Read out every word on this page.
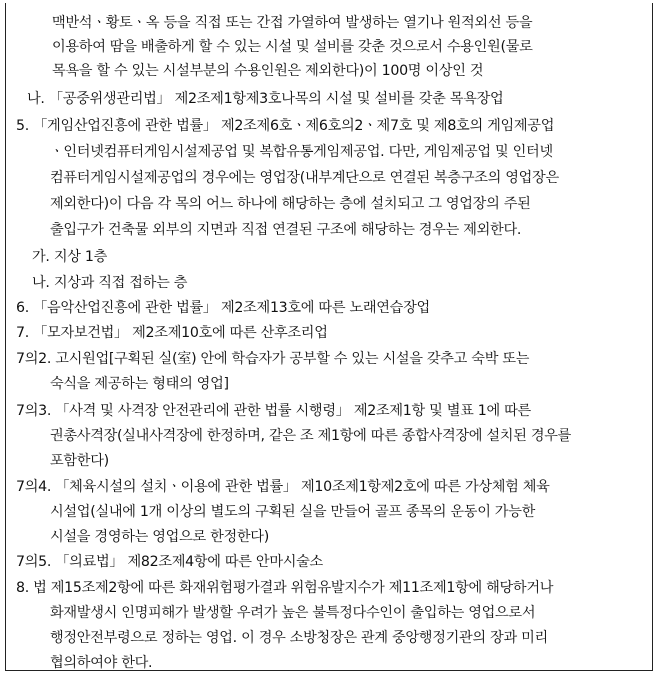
맥반석ㆍ황토ㆍ옥 등을 직접 또는 간접 가열하여 발생하는 열기나 원적외선 등을
이용하여 땀을 배출하게 할 수 있는 시설 및 설비를 갖춘 것으로서 수용인원(물로
목욕을 할 수 있는 시설부분의 수용인원은 제외한다)이 100명 이상인 것
나. 「공중위생관리법」 제2조제1항제3호나목의 시설 및 설비를 갖춘 목욕장업
5. 「게임산업진흥에 관한 법률」 제2조제6호ㆍ제6호의2ㆍ제7호 및 제8호의 게임제공업
ㆍ인터넷컴퓨터게임시설제공업 및 복합유통게임제공업. 다만, 게임제공업 및 인터넷
컴퓨터게임시설제공업의 경우에는 영업장(내부계단으로 연결된 복층구조의 영업장은
제외한다)이 다음 각 목의 어느 하나에 해당하는 층에 설치되고 그 영업장의 주된
출입구가 건축물 외부의 지면과 직접 연결된 구조에 해당하는 경우는 제외한다.
가. 지상 1층
나. 지상과 직접 접하는 층
6. 「음악산업진흥에 관한 법률」 제2조제13호에 따른 노래연습장업
7. 「모자보건법」 제2조제10호에 따른 산후조리업
7의2. 고시원업[구획된 실(室) 안에 학습자가 공부할 수 있는 시설을 갖추고 숙박 또는
숙식을 제공하는 형태의 영업]
7의3. 「사격 및 사격장 안전관리에 관한 법률 시행령」 제2조제1항 및 별표 1에 따른
권총사격장(실내사격장에 한정하며, 같은 조 제1항에 따른 종합사격장에 설치된 경우를
포함한다)
7의4. 「체육시설의 설치ㆍ이용에 관한 법률」 제10조제1항제2호에 따른 가상체험 체육
시설업(실내에 1개 이상의 별도의 구획된 실을 만들어 골프 종목의 운동이 가능한
시설을 경영하는 영업으로 한정한다)
7의5. 「의료법」 제82조제4항에 따른 안마시술소
8. 법 제15조제2항에 따른 화재위험평가결과 위험유발지수가 제11조제1항에 해당하거나
화재발생시 인명피해가 발생할 우려가 높은 불특정다수인이 출입하는 영업으로서
행정안전부령으로 정하는 영업. 이 경우 소방청장은 관계 중앙행정기관의 장과 미리
협의하여야 한다.
